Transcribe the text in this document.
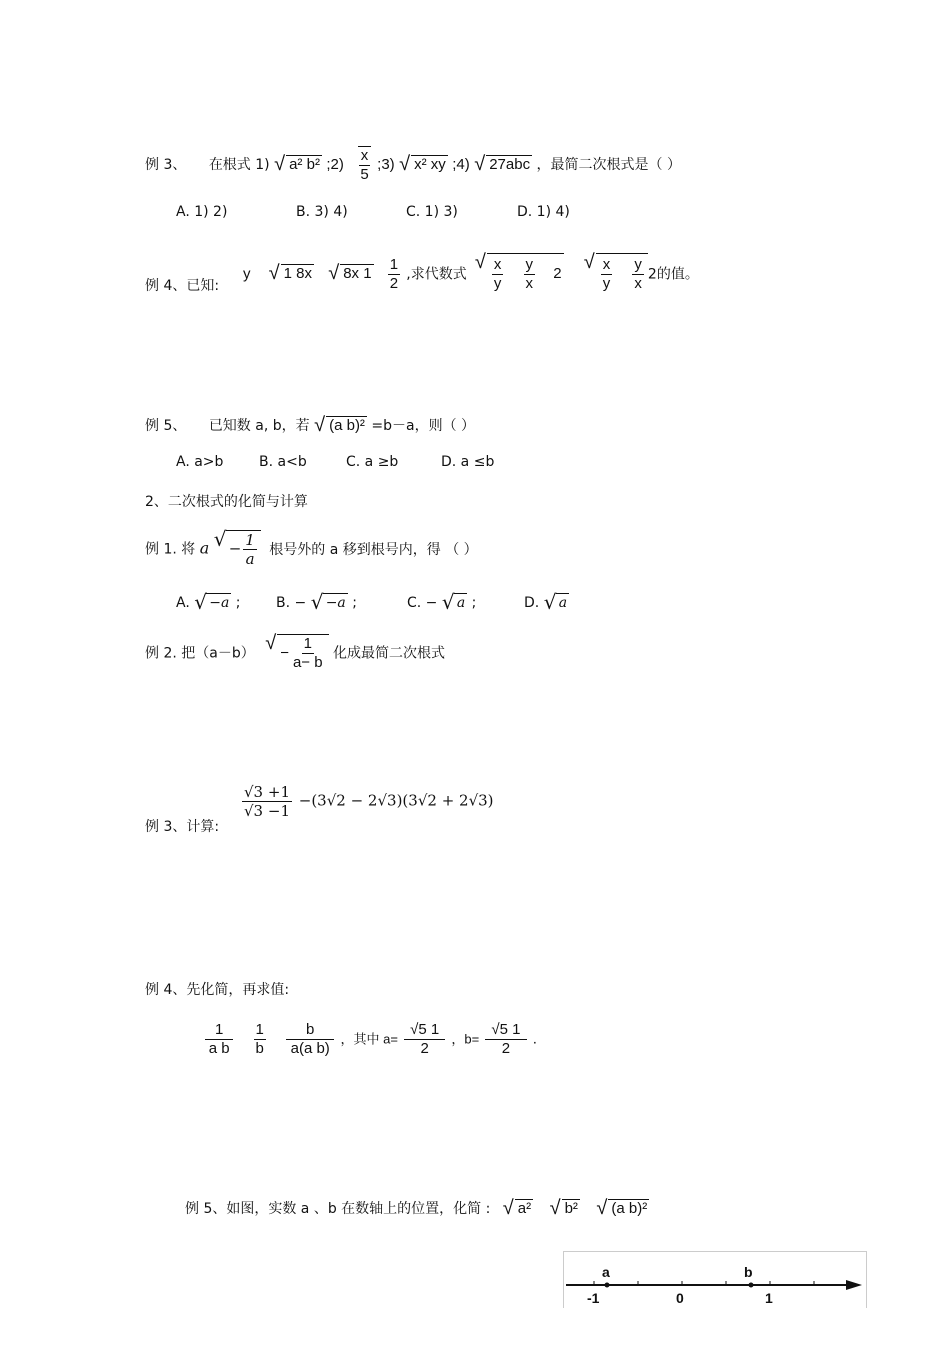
例 3、 在根式 1) √ a² b² ;2) $\frac{x}{5}$ ;3) √ x² xy ;4) √ 27abc ，最简二次根式是（ ）
A. 1) 2)	B. 3) 4)	C. 1) 3)	D. 1) 4)
例 4、已知:
y √ 1 8x √ 8x $1 \frac{1}{2}$ ,求代数式 √ $\frac{x}{y}$
$\frac{y}{x} 2$	√ $\frac{x}{y}$
$\frac{y}{x} 2$的值。
例 5、 已知数 a, b，若 √ (a b)² =b－a，则（ ）
A. a>b	B. a<b	C. a ≥b	D. a ≤b
2、二次根式的化简与计算
例 1. 将 a √ − $\frac{1}{a}$ 根号外的 a 移到根号内，得 （ ）
A. √ −a ;	B. − √ −a ;	C. − √ a ;	D. √ a
例 2. 把（a－b） √ − $\frac{1}{a- b}$ 化成最简二次根式
例 3、计算:
$\frac{√3 +1}{√3 -1} -(3√2 - 2√3)(3√2 + 2√3)$
例 4、先化简，再求值:
$\frac{1}{\text{a b}}$
$\frac{1}{b}$
$\frac{b}{\text{a(a b)}}$ ，其中 $a= \frac{√5 1}{2}$ ，$b= \frac{√5 1}{2}$ .
例 5、如图，实数 a 、b 在数轴上的位置，化简 : √ a² √ b² √ (a b)²
a	b
-1	0	1
